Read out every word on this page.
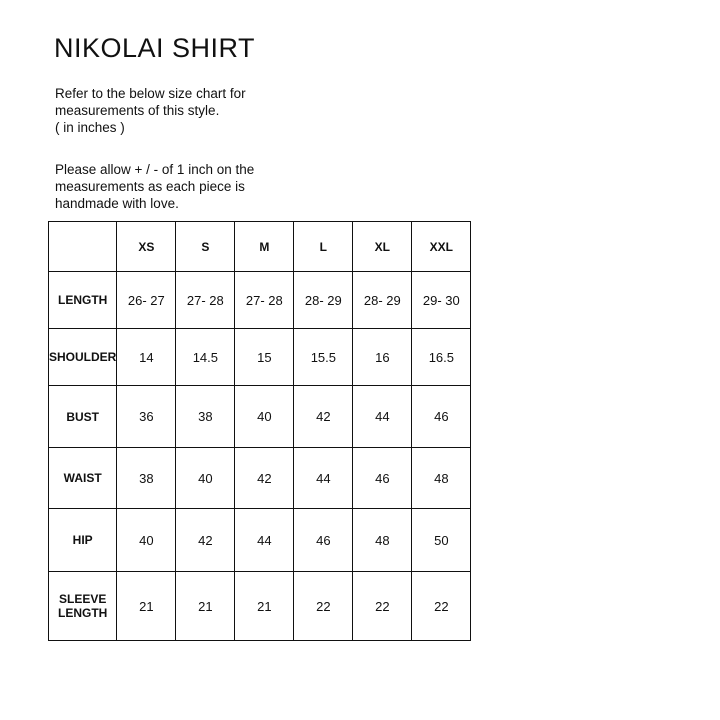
NIKOLAI SHIRT

Refer to the below size chart for
measurements of this style.
( in inches )

Please allow + / - of 1 inch on the
measurements as each piece is
handmade with love.

	XS	S	M	L	XL	XXL
LENGTH	26- 27	27- 28	27- 28	28- 29	28- 29	29- 30
SHOULDER	14	14.5	15	15.5	16	16.5
BUST	36	38	40	42	44	46
WAIST	38	40	42	44	46	48
HIP	40	42	44	46	48	50
SLEEVE
LENGTH	21	21	21	22	22	22
